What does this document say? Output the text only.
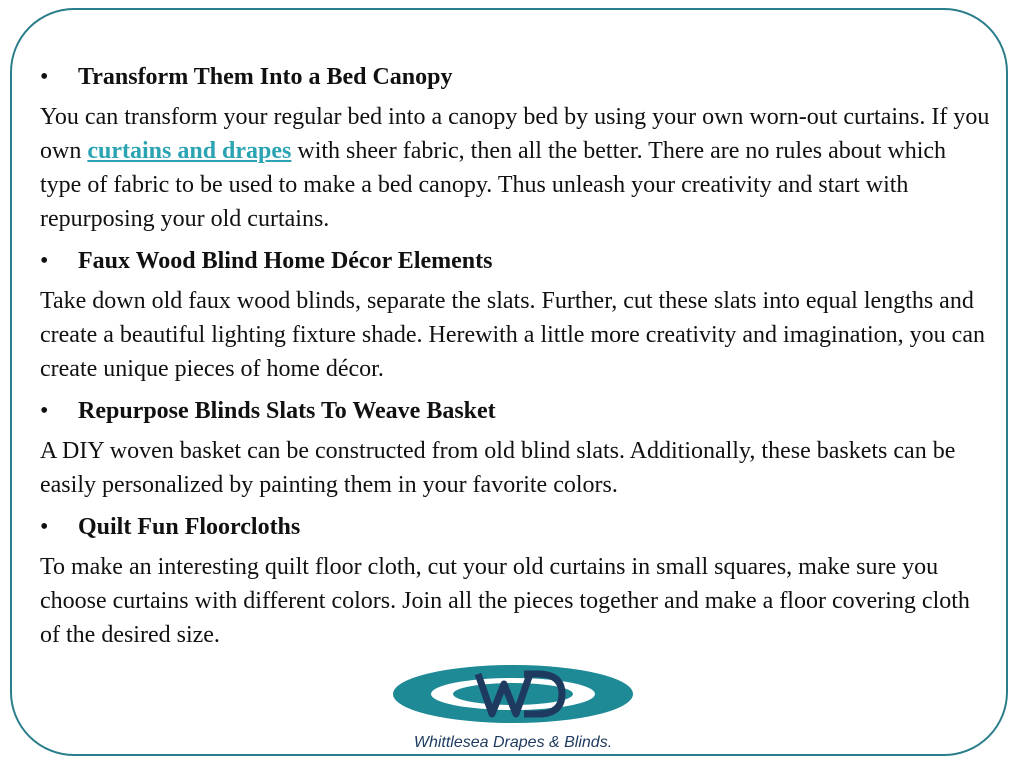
•	Transform Them Into a Bed Canopy
You can transform your regular bed into a canopy bed by using your own worn-out curtains. If you own curtains and drapes with sheer fabric, then all the better. There are no rules about which type of fabric to be used to make a bed canopy. Thus unleash your creativity and start with repurposing your old curtains.
•	Faux Wood Blind Home Décor Elements
Take down old faux wood blinds, separate the slats. Further, cut these slats into equal lengths and create a beautiful lighting fixture shade. Herewith a little more creativity and imagination, you can create unique pieces of home décor.
•	Repurpose Blinds Slats To Weave Basket
A DIY woven basket can be constructed from old blind slats. Additionally, these baskets can be easily personalized by painting them in your favorite colors.
•	Quilt Fun Floorcloths
To make an interesting quilt floor cloth, cut your old curtains in small squares, make sure you choose curtains with different colors. Join all the pieces together and make a floor covering cloth of the desired size.
Whittlesea Drapes & Blinds.
